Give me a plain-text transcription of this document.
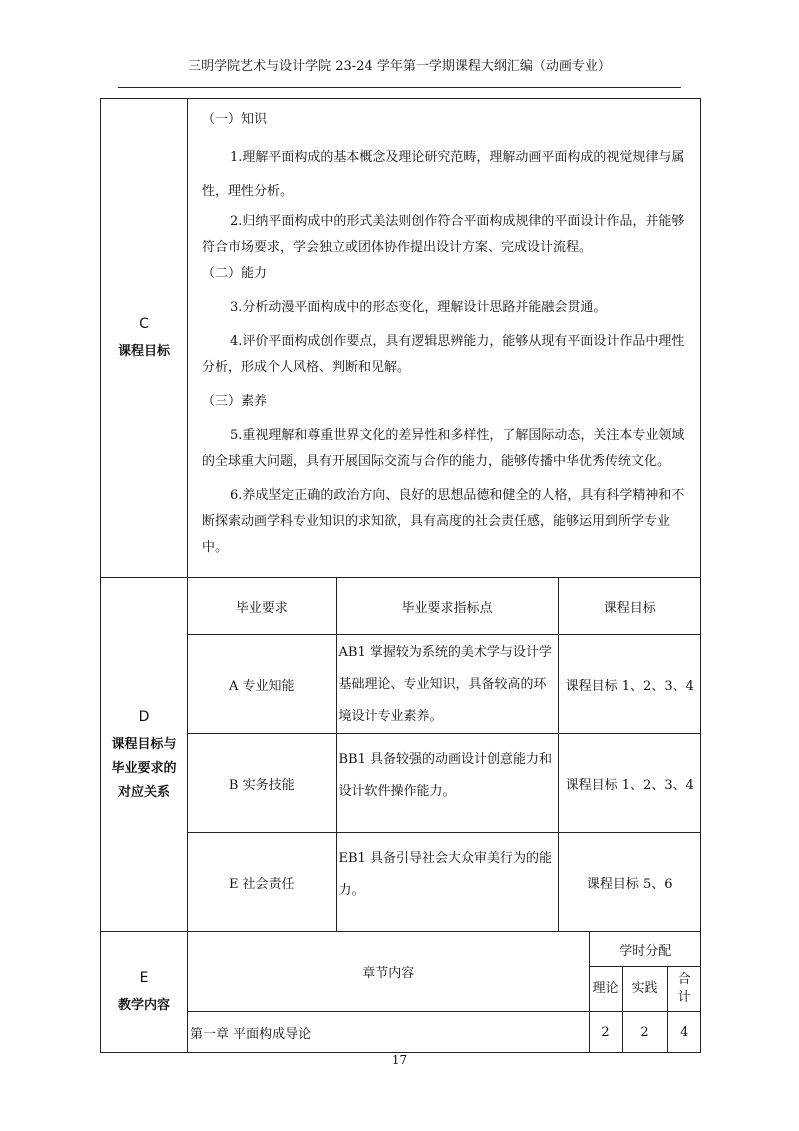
三明学院艺术与设计学院 23-24 学年第一学期课程大纲汇编（动画专业）
C
课程目标

（一）知识

1.理解平面构成的基本概念及理论研究范畴，理解动画平面构成的视觉规律与属性，理性分析。

2.归纳平面构成中的形式美法则创作符合平面构成规律的平面设计作品，并能够符合市场要求，学会独立或团体协作提出设计方案、完成设计流程。

（二）能力

3.分析动漫平面构成中的形态变化，理解设计思路并能融会贯通。

4.评价平面构成创作要点，具有逻辑思辨能力，能够从现有平面设计作品中理性分析，形成个人风格、判断和见解。

（三）素养

5.重视理解和尊重世界文化的差异性和多样性，了解国际动态，关注本专业领域的全球重大问题，具有开展国际交流与合作的能力，能够传播中华优秀传统文化。

6.养成坚定正确的政治方向、良好的思想品德和健全的人格，具有科学精神和不断探索动画学科专业知识的求知欲，具有高度的社会责任感，能够运用到所学专业中。

D
课程目标与
毕业要求的
对应关系

毕业要求	毕业要求指标点	课程目标
A 专业知能	AB1 掌握较为系统的美术学与设计学基础理论、专业知识，具备较高的环境设计专业素养。	课程目标 1、2、3、4
B 实务技能	BB1 具备较强的动画设计创意能力和设计软件操作能力。	课程目标 1、2、3、4
E 社会责任	EB1 具备引导社会大众审美行为的能力。	课程目标 5、6

E
教学内容

章节内容	学时分配
理论	实践	合计
第一章 平面构成导论	2	2	4
17
